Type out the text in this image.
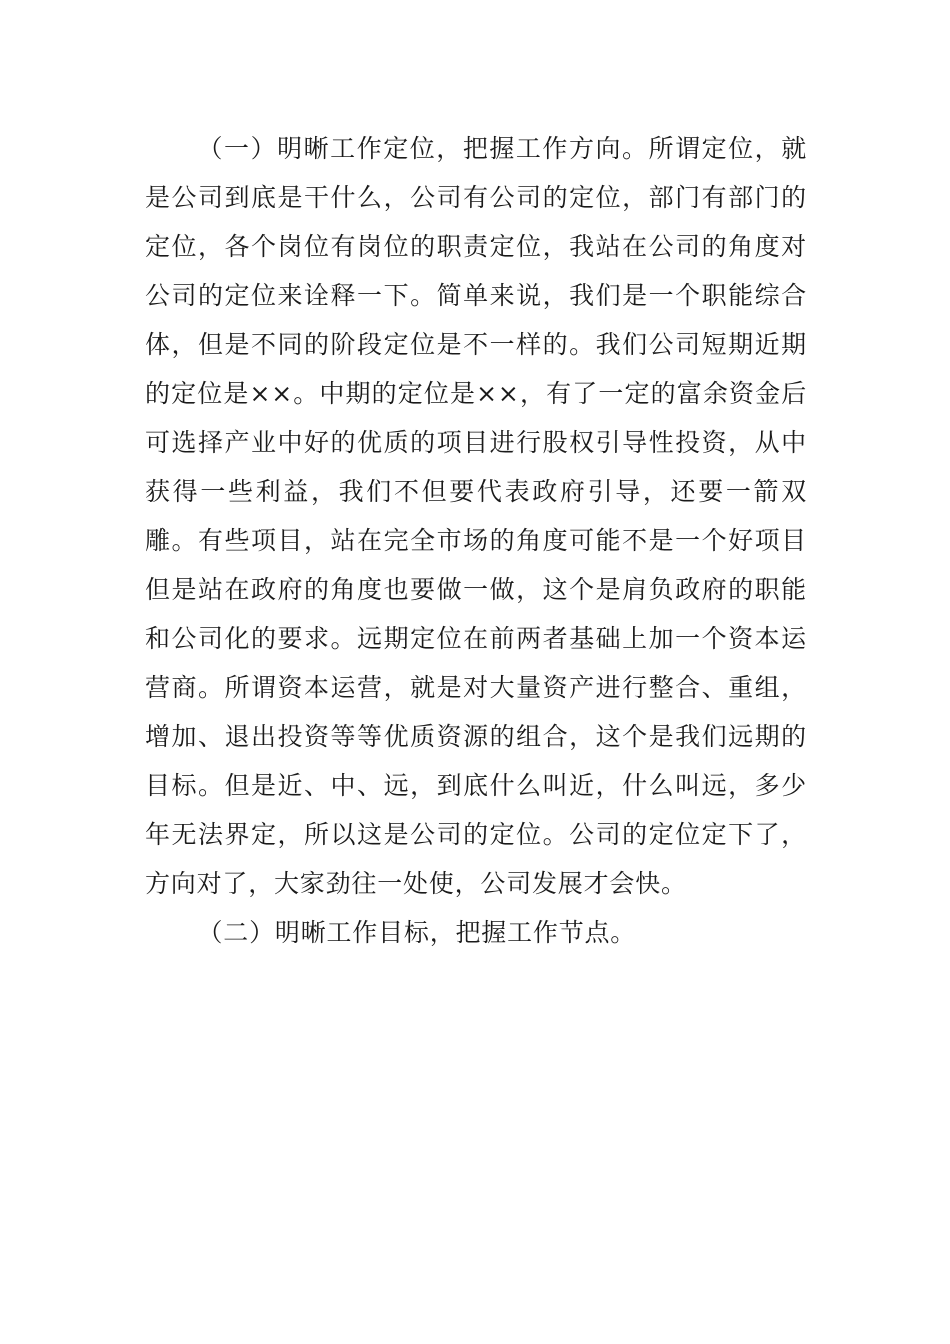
（一）明晰工作定位，把握工作方向。所谓定位，就是公司到底是干什么，公司有公司的定位，部门有部门的定位，各个岗位有岗位的职责定位，我站在公司的角度对公司的定位来诠释一下。简单来说，我们是一个职能综合体，但是不同的阶段定位是不一样的。我们公司短期近期的定位是××。中期的定位是××，有了一定的富余资金后可选择产业中好的优质的项目进行股权引导性投资，从中获得一些利益，我们不但要代表政府引导，还要一箭双雕。有些项目，站在完全市场的角度可能不是一个好项目但是站在政府的角度也要做一做，这个是肩负政府的职能和公司化的要求。远期定位在前两者基础上加一个资本运营商。所谓资本运营，就是对大量资产进行整合、重组，增加、退出投资等等优质资源的组合，这个是我们远期的目标。但是近、中、远，到底什么叫近，什么叫远，多少年无法界定，所以这是公司的定位。公司的定位定下了，方向对了，大家劲往一处使，公司发展才会快。

（二）明晰工作目标，把握工作节点。
